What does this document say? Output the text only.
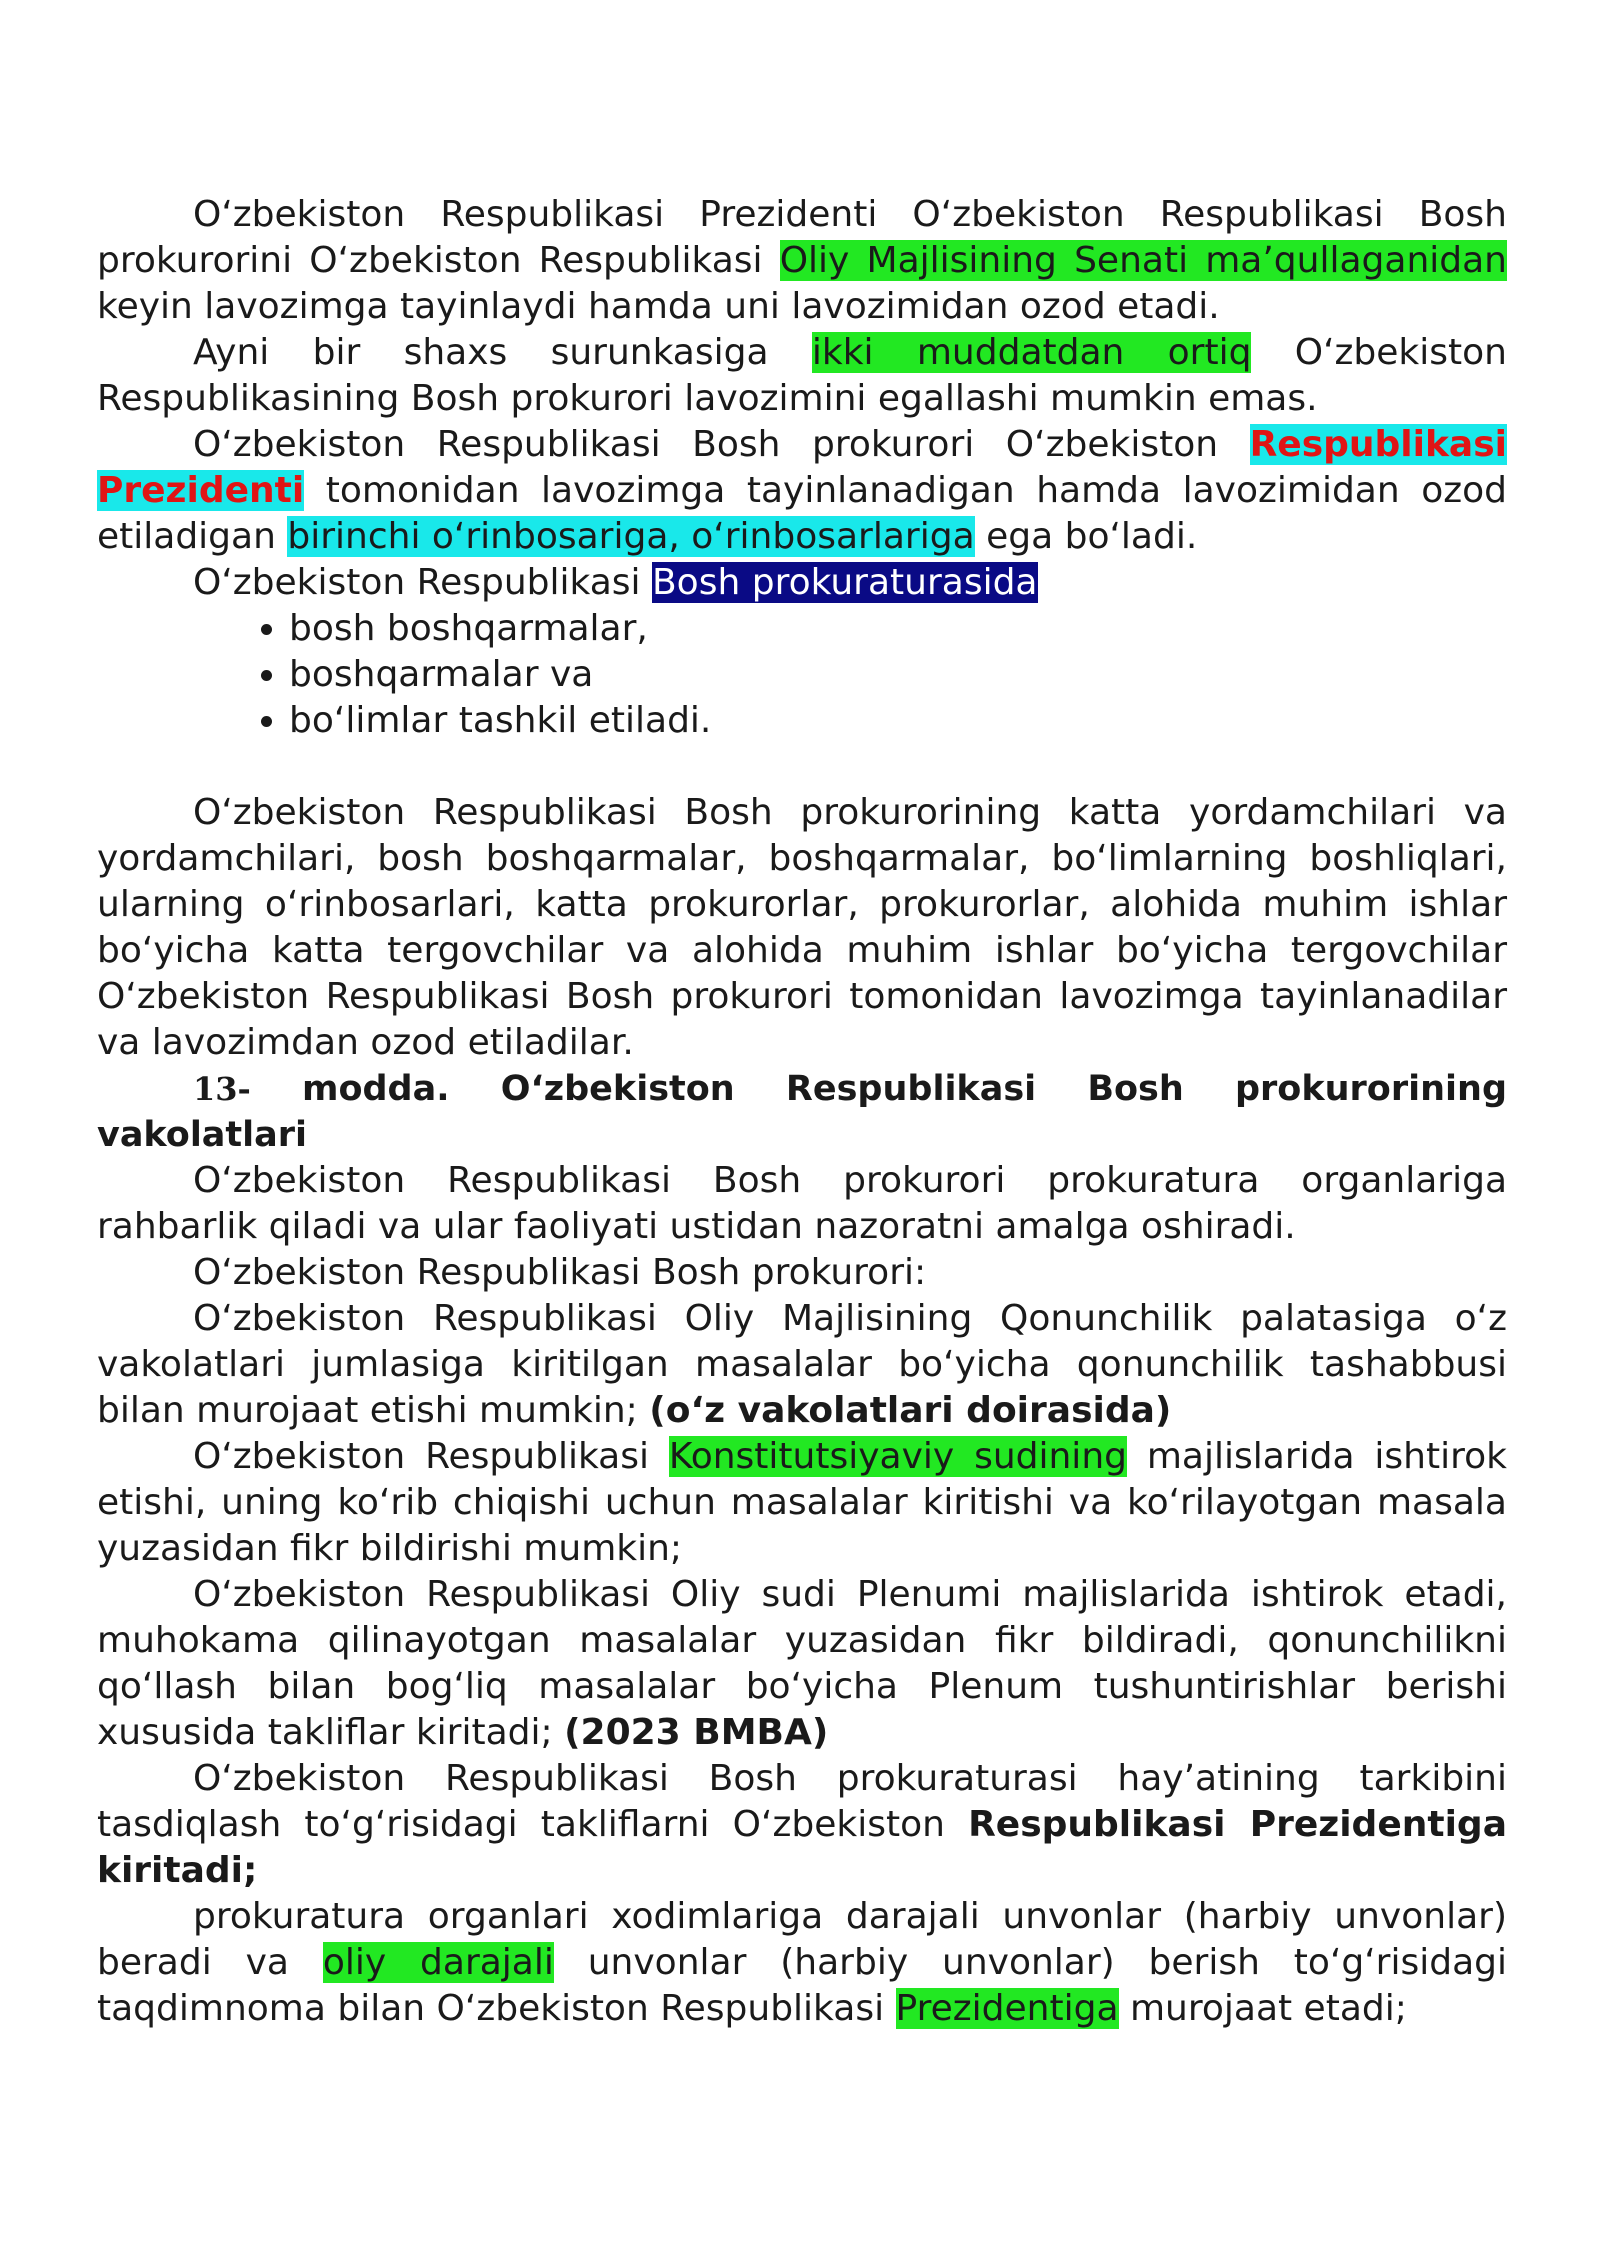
O‘zbekiston Respublikasi Prezidenti O‘zbekiston Respublikasi Bosh prokurorini O‘zbekiston Respublikasi Oliy Majlisining Senati ma’qullaganidan keyin lavozimga tayinlaydi hamda uni lavozimidan ozod etadi.

Ayni bir shaxs surunkasiga ikki muddatdan ortiq O‘zbekiston Respublikasining Bosh prokurori lavozimini egallashi mumkin emas.

O‘zbekiston Respublikasi Bosh prokurori O‘zbekiston Respublikasi Prezidenti tomonidan lavozimga tayinlanadigan hamda lavozimidan ozod etiladigan birinchi o‘rinbosariga, o‘rinbosarlariga ega bo‘ladi.

O‘zbekiston Respublikasi Bosh prokuraturasida

• bosh boshqarmalar,
• boshqarmalar va
• bo‘limlar tashkil etiladi.

O‘zbekiston Respublikasi Bosh prokurorining katta yordamchilari va yordamchilari, bosh boshqarmalar, boshqarmalar, bo‘limlarning boshliqlari, ularning o‘rinbosarlari, katta prokurorlar, prokurorlar, alohida muhim ishlar bo‘yicha katta tergovchilar va alohida muhim ishlar bo‘yicha tergovchilar O‘zbekiston Respublikasi Bosh prokurori tomonidan lavozimga tayinlanadilar va lavozimdan ozod etiladilar.

13- modda. O‘zbekiston Respublikasi Bosh prokurorining vakolatlari

O‘zbekiston Respublikasi Bosh prokurori prokuratura organlariga rahbarlik qiladi va ular faoliyati ustidan nazoratni amalga oshiradi.

O‘zbekiston Respublikasi Bosh prokurori:

O‘zbekiston Respublikasi Oliy Majlisining Qonunchilik palatasiga o‘z vakolatlari jumlasiga kiritilgan masalalar bo‘yicha qonunchilik tashabbusi bilan murojaat etishi mumkin; (o‘z vakolatlari doirasida)

O‘zbekiston Respublikasi Konstitutsiyaviy sudining majlislarida ishtirok etishi, uning ko‘rib chiqishi uchun masalalar kiritishi va ko‘rilayotgan masala yuzasidan fikr bildirishi mumkin;

O‘zbekiston Respublikasi Oliy sudi Plenumi majlislarida ishtirok etadi, muhokama qilinayotgan masalalar yuzasidan fikr bildiradi, qonunchilikni qo‘llash bilan bog‘liq masalalar bo‘yicha Plenum tushuntirishlar berishi xususida takliflar kiritadi; (2023 BMBA)

O‘zbekiston Respublikasi Bosh prokuraturasi hay’atining tarkibini tasdiqlash to‘g‘risidagi takliflarni O‘zbekiston Respublikasi Prezidentiga kiritadi;

prokuratura organlari xodimlariga darajali unvonlar (harbiy unvonlar) beradi va oliy darajali unvonlar (harbiy unvonlar) berish to‘g‘risidagi taqdimnoma bilan O‘zbekiston Respublikasi Prezidentiga murojaat etadi;
